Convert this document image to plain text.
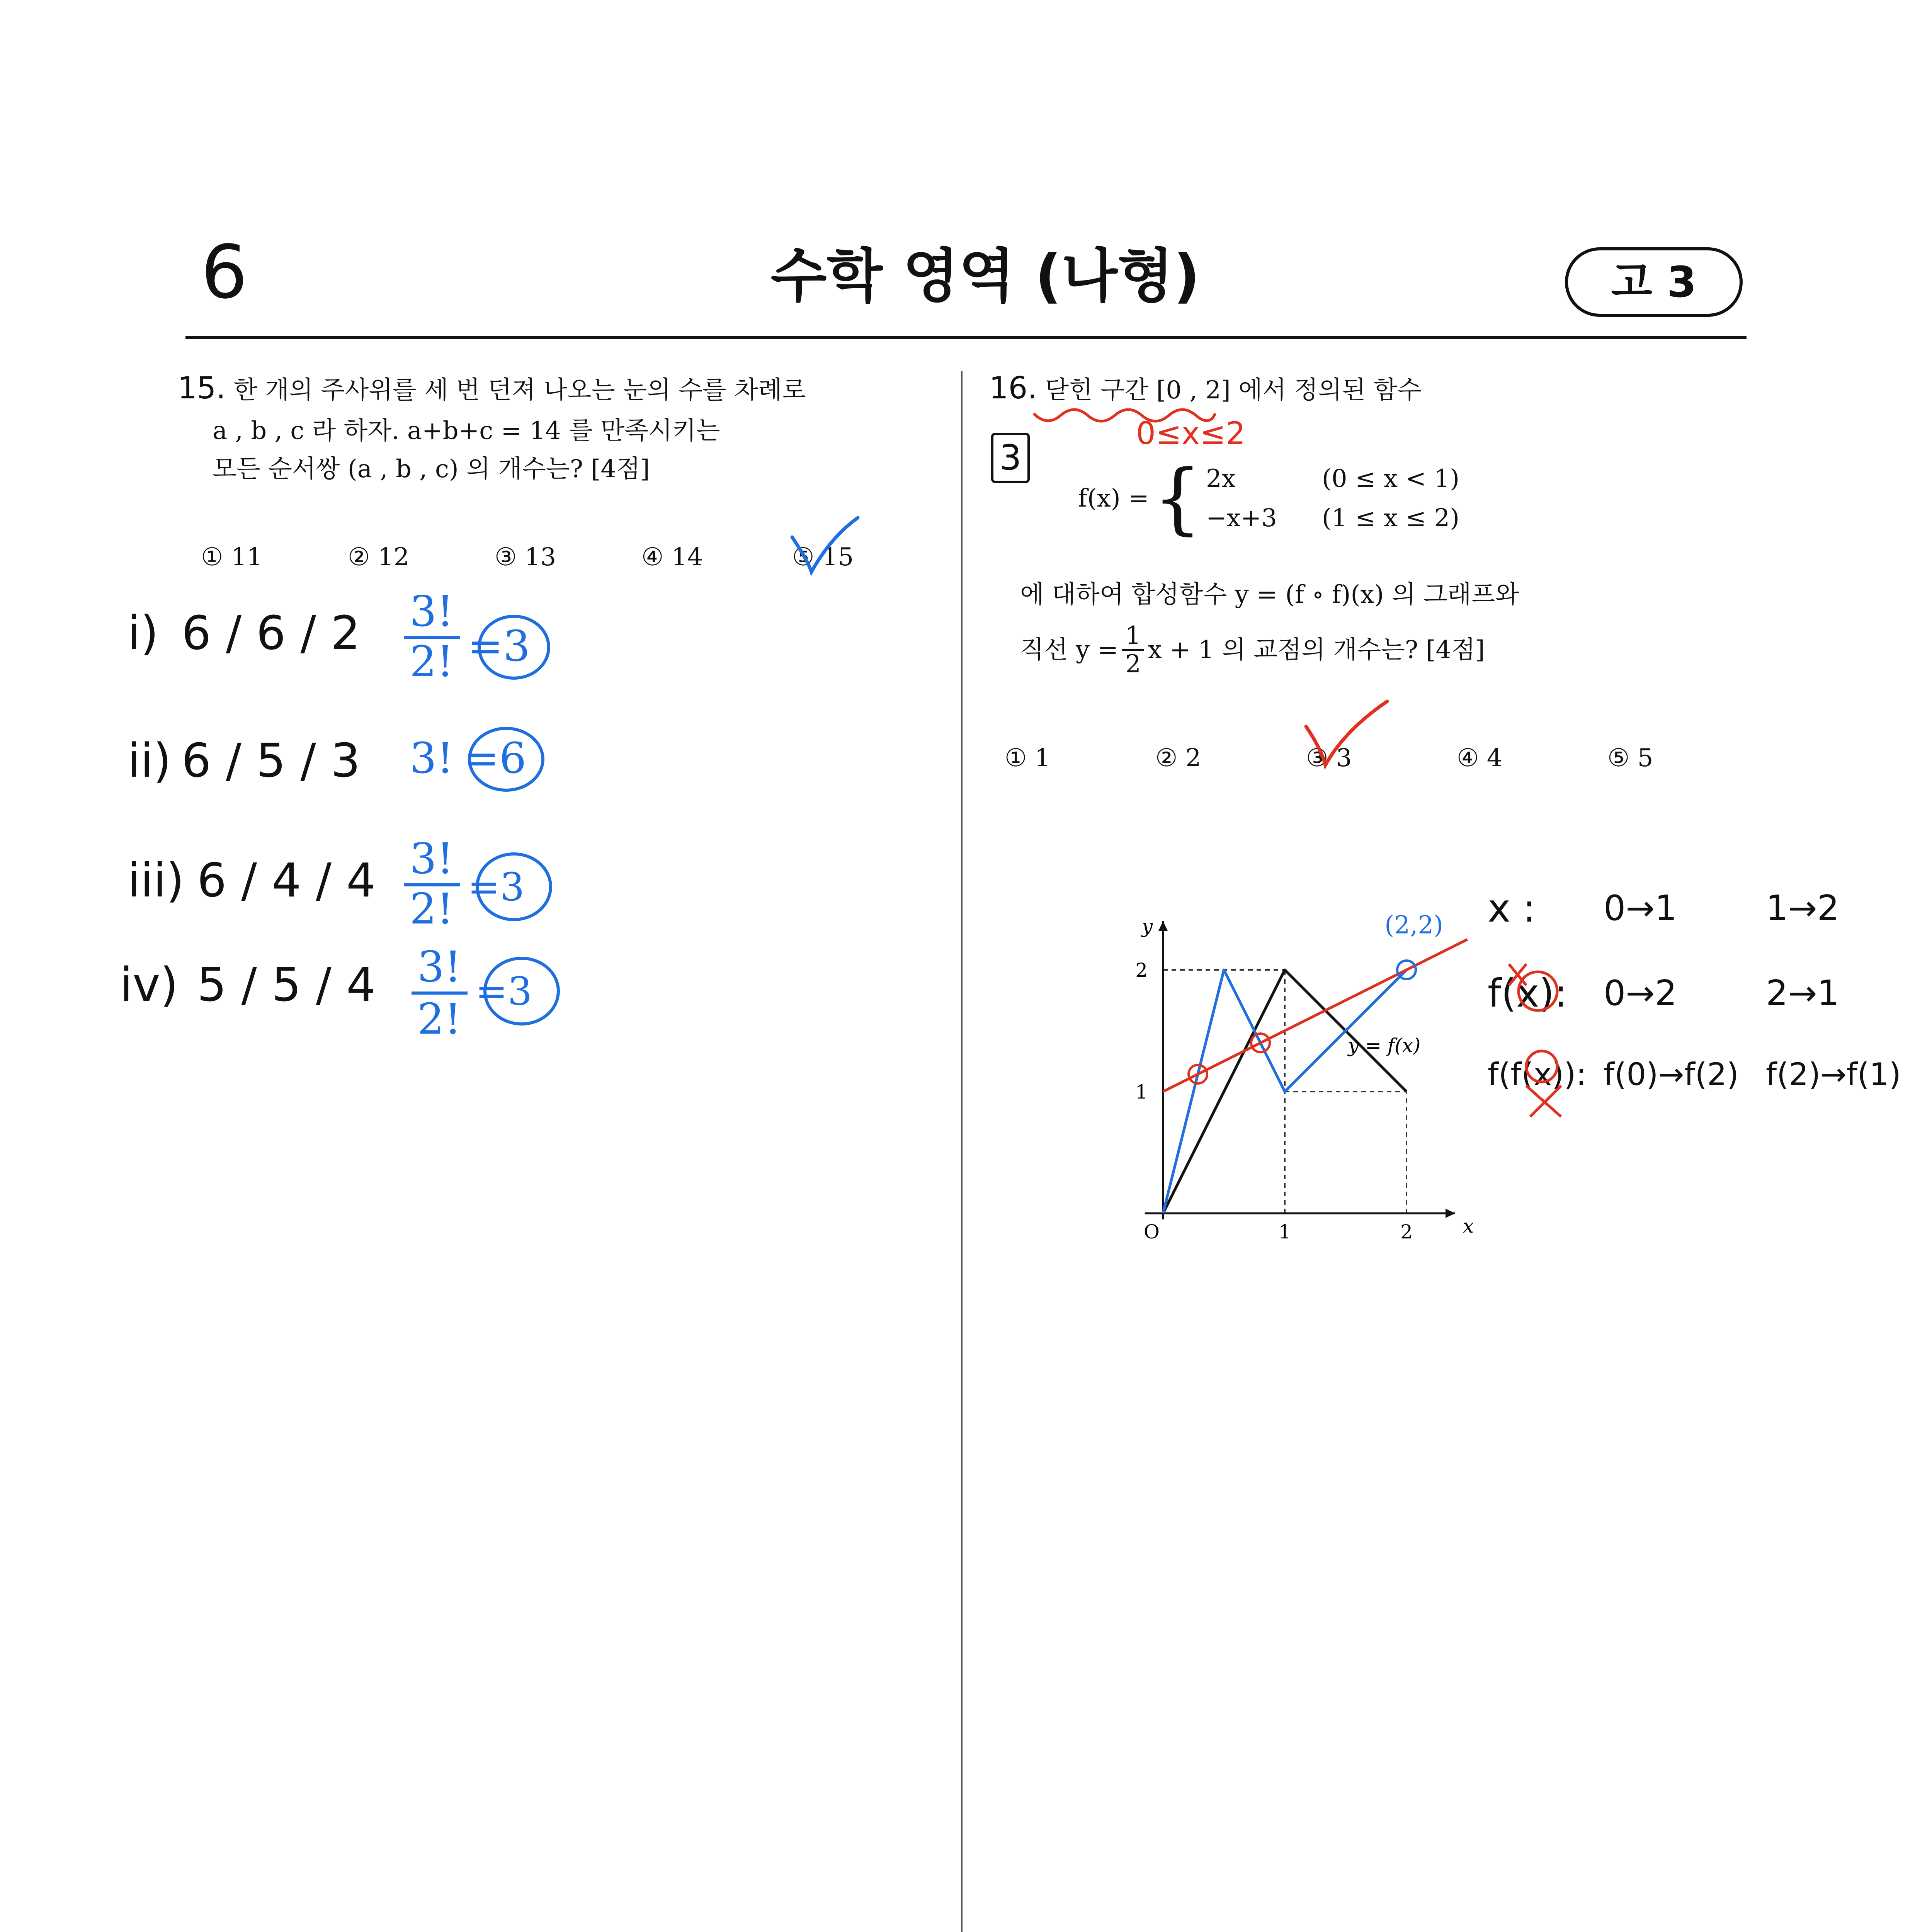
6	수학 영역 (나형)	고 3
15. 한 개의 주사위를 세 번 던져 나오는 눈의 수를 차례로
a , b , c 라 하자. a+b+c = 14 를 만족시키는
모든 순서쌍 (a , b , c) 의 개수는? [4점]
① 11	② 12	③ 13	④ 14	⑤ 15
i) 6 / 6 / 2
ii) 6 / 5 / 3
iii) 6 / 4 / 4
iv) 5 / 5 / 4
3!
2! =3
3! =6
3!
2! =3
3!
2!
=3
16. 닫힌 구간 [0 , 2] 에서 정의된 함수
0≤x≤2
3
f(x) = { 2x	(0 ≤ x < 1)
−x+3	(1 ≤ x ≤ 2)
에 대하여 합성함수 y = (f ∘ f)(x) 의 그래프와
직선 $y = \frac{1}{2}$ x + 1 의 교점의 개수는? [4점]
① 1	② 2	③ 3	④ 4	⑤ 5
x
y
O	1	2
1
2
y = f(x)
(2,2) x :	0→1	1→2
f(x):	0→2	2→1
f(f(x)): f(0)→f(2) f(2)→f(1)
